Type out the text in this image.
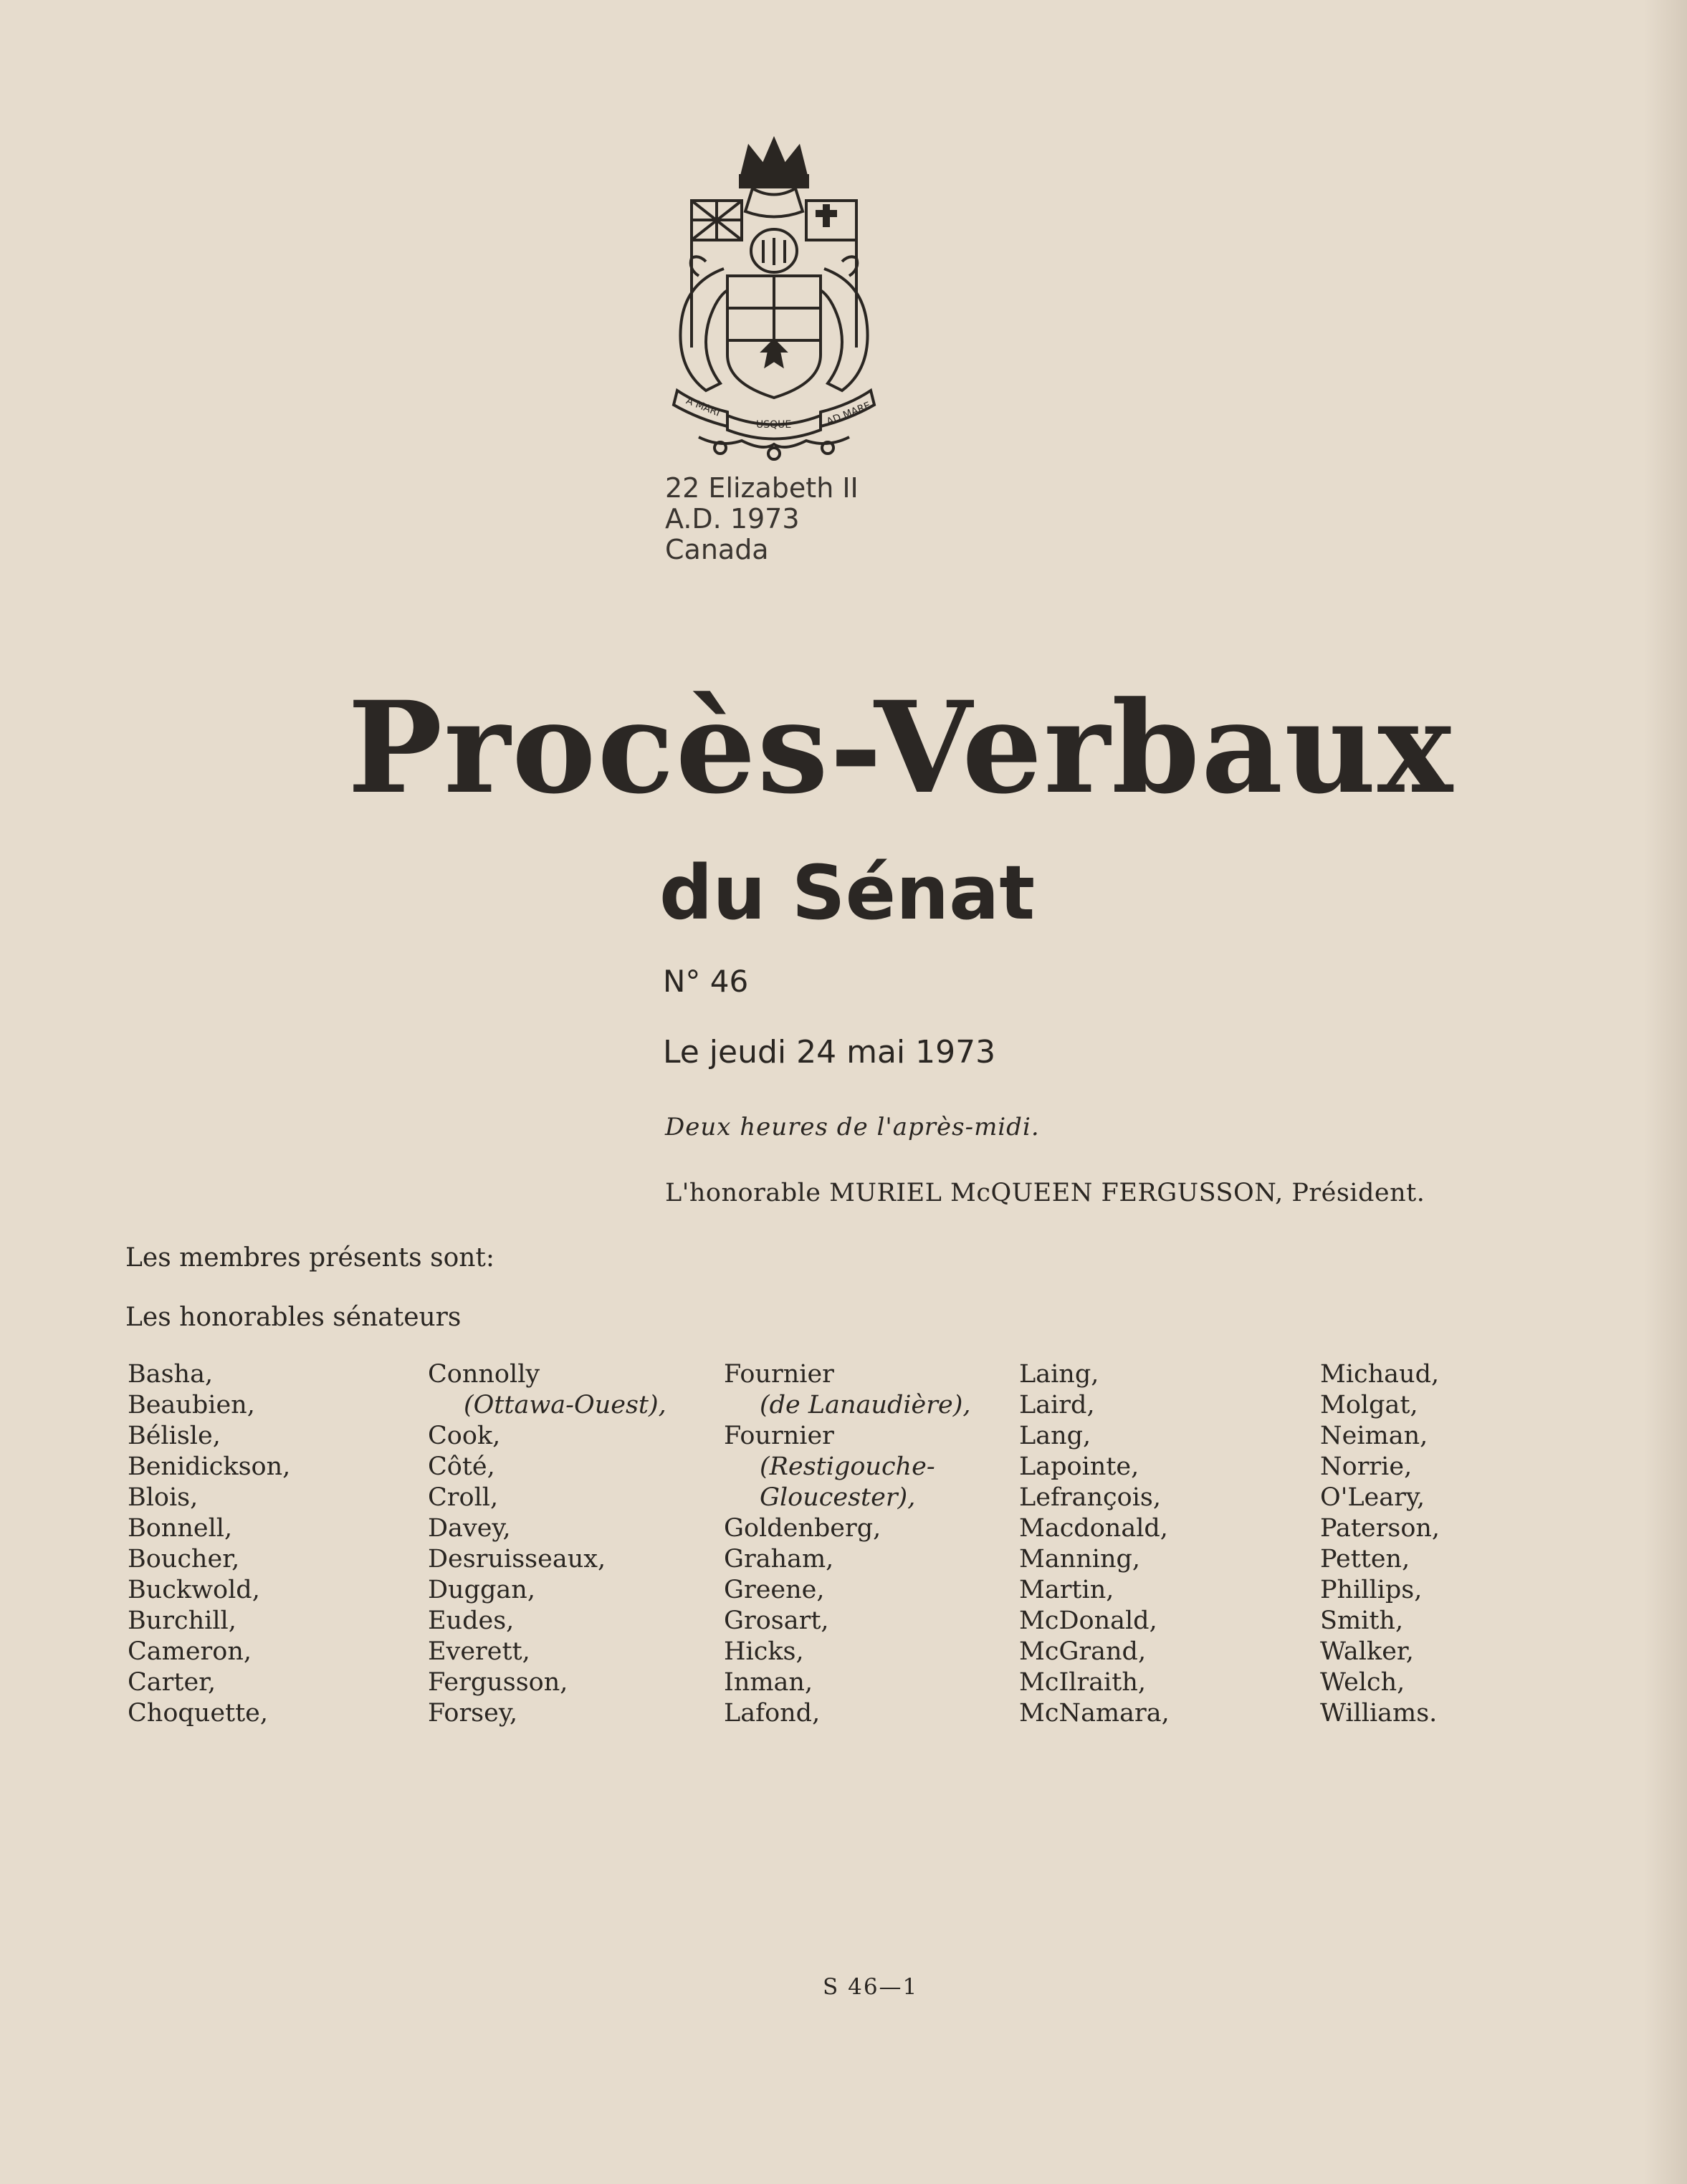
A MARI
USQUE	AD MARE
22 Elizabeth II
A.D. 1973
Canada
Procès-Verbaux
du Sénat
N° 46
Le jeudi 24 mai 1973
Deux heures de l'après-midi.
L'honorable MURIEL McQUEEN FERGUSSON, Président.
Les membres présents sont:
Les honorables sénateurs
Basha,
Beaubien,
Bélisle,
Benidickson,
Blois,
Bonnell,
Boucher,
Buckwold,
Burchill,
Cameron,
Carter,
Choquette,
Connolly
(Ottawa-Ouest),
Cook,
Côté,
Croll,
Davey,
Desruisseaux,
Duggan,
Eudes,
Everett,
Fergusson,
Forsey,
Fournier
(de Lanaudière),
Fournier
(Restigouche-
Gloucester),
Goldenberg,
Graham,
Greene,
Grosart,
Hicks,
Inman,
Lafond,
Laing,
Laird,
Lang,
Lapointe,
Lefrançois,
Macdonald,
Manning,
Martin,
McDonald,
McGrand,
McIlraith,
McNamara,
Michaud,
Molgat,
Neiman,
Norrie,
O'Leary,
Paterson,
Petten,
Phillips,
Smith,
Walker,
Welch,
Williams.
S 46—1
